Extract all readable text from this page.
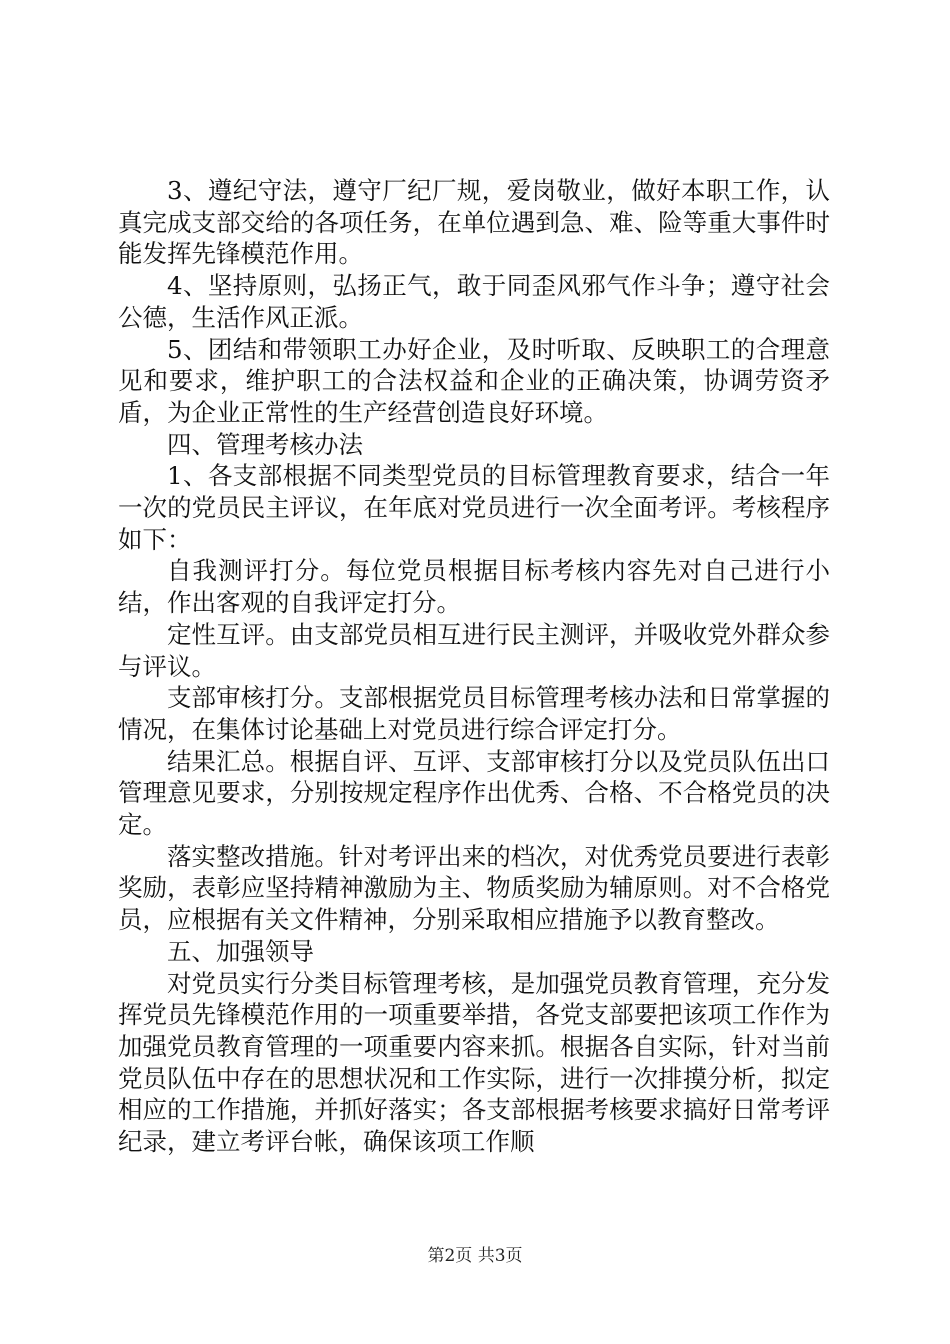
3、遵纪守法，遵守厂纪厂规，爱岗敬业，做好本职工作，认真完成支部交给的各项任务，在单位遇到急、难、险等重大事件时能发挥先锋模范作用。

4、坚持原则，弘扬正气，敢于同歪风邪气作斗争；遵守社会公德，生活作风正派。

5、团结和带领职工办好企业，及时听取、反映职工的合理意见和要求，维护职工的合法权益和企业的正确决策，协调劳资矛盾，为企业正常性的生产经营创造良好环境。

四、管理考核办法

1、各支部根据不同类型党员的目标管理教育要求，结合一年一次的党员民主评议，在年底对党员进行一次全面考评。考核程序如下：

自我测评打分。每位党员根据目标考核内容先对自己进行小结，作出客观的自我评定打分。

定性互评。由支部党员相互进行民主测评，并吸收党外群众参与评议。

支部审核打分。支部根据党员目标管理考核办法和日常掌握的情况，在集体讨论基础上对党员进行综合评定打分。

结果汇总。根据自评、互评、支部审核打分以及党员队伍出口管理意见要求，分别按规定程序作出优秀、合格、不合格党员的决定。

落实整改措施。针对考评出来的档次，对优秀党员要进行表彰奖励，表彰应坚持精神激励为主、物质奖励为辅原则。对不合格党员，应根据有关文件精神，分别采取相应措施予以教育整改。

五、加强领导

对党员实行分类目标管理考核，是加强党员教育管理，充分发挥党员先锋模范作用的一项重要举措，各党支部要把该项工作作为加强党员教育管理的一项重要内容来抓。根据各自实际，针对当前党员队伍中存在的思想状况和工作实际，进行一次排摸分析，拟定相应的工作措施，并抓好落实；各支部根据考核要求搞好日常考评纪录，建立考评台帐，确保该项工作顺

第2页 共3页
